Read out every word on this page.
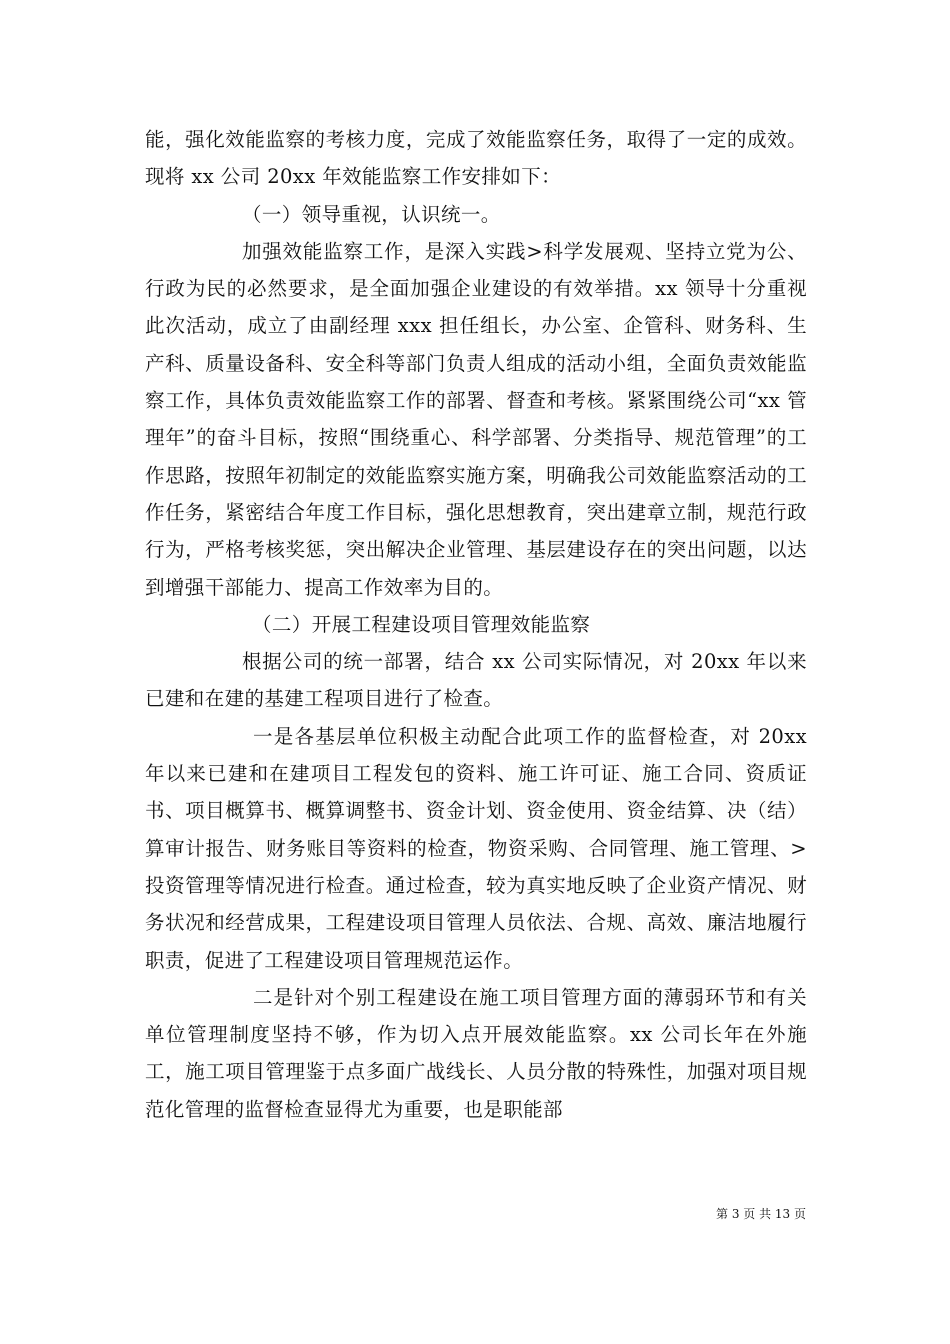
能，强化效能监察的考核力度，完成了效能监察任务，取得了一定的成效。现将 xx 公司 20xx 年效能监察工作安排如下：

（一）领导重视，认识统一。

加强效能监察工作，是深入实践>科学发展观、坚持立党为公、行政为民的必然要求，是全面加强企业建设的有效举措。xx 领导十分重视此次活动，成立了由副经理 xxx 担任组长，办公室、企管科、财务科、生产科、质量设备科、安全科等部门负责人组成的活动小组，全面负责效能监察工作，具体负责效能监察工作的部署、督查和考核。紧紧围绕公司“xx 管理年”的奋斗目标，按照“围绕重心、科学部署、分类指导、规范管理”的工作思路，按照年初制定的效能监察实施方案，明确我公司效能监察活动的工作任务，紧密结合年度工作目标，强化思想教育，突出建章立制，规范行政行为，严格考核奖惩，突出解决企业管理、基层建设存在的突出问题，以达到增强干部能力、提高工作效率为目的。

（二）开展工程建设项目管理效能监察

根据公司的统一部署，结合 xx 公司实际情况，对 20xx 年以来已建和在建的基建工程项目进行了检查。

一是各基层单位积极主动配合此项工作的监督检查，对 20xx 年以来已建和在建项目工程发包的资料、施工许可证、施工合同、资质证书、项目概算书、概算调整书、资金计划、资金使用、资金结算、决（结）算审计报告、财务账目等资料的检查，物资采购、合同管理、施工管理、>投资管理等情况进行检查。通过检查，较为真实地反映了企业资产情况、财务状况和经营成果，工程建设项目管理人员依法、合规、高效、廉洁地履行职责，促进了工程建设项目管理规范运作。

二是针对个别工程建设在施工项目管理方面的薄弱环节和有关单位管理制度坚持不够，作为切入点开展效能监察。xx 公司长年在外施工，施工项目管理鉴于点多面广战线长、人员分散的特殊性，加强对项目规范化管理的监督检查显得尤为重要，也是职能部

第 3 页 共 13 页
